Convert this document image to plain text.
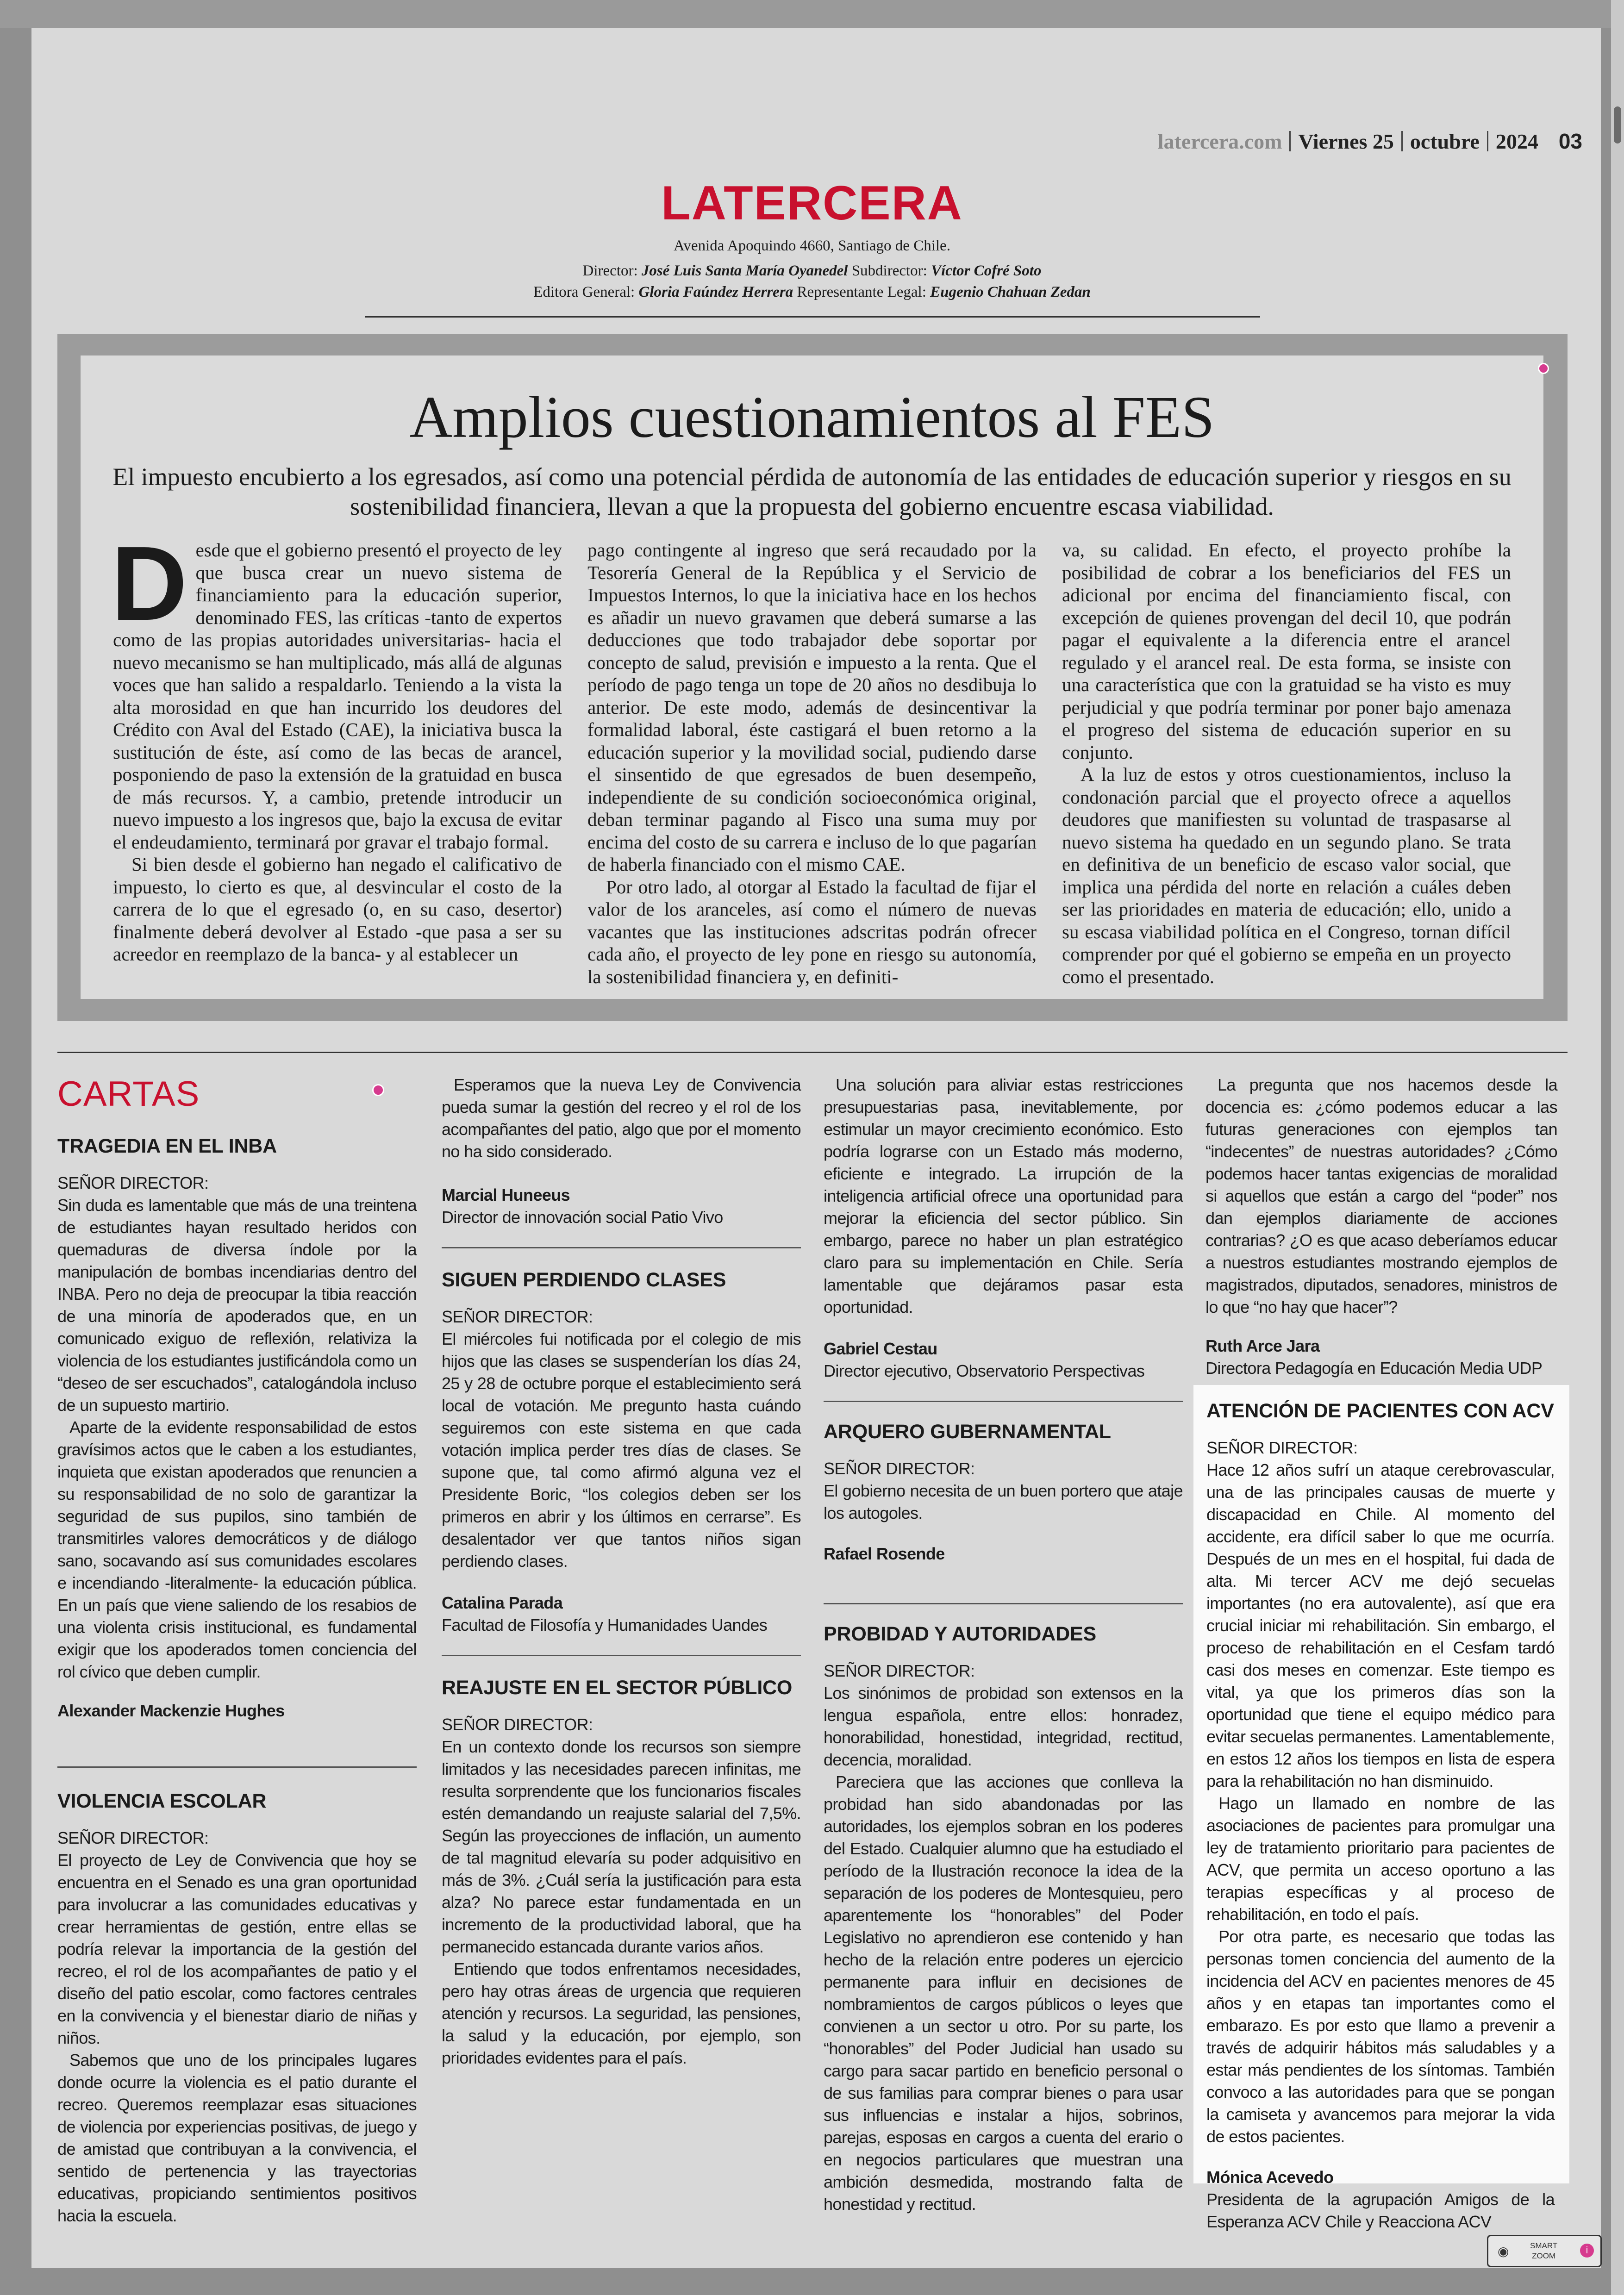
latercera.com Viernes 25 octubre 2024 03
LATERCERA
Avenida Apoquindo 4660, Santiago de Chile.
Director: José Luis Santa María Oyanedel Subdirector: Víctor Cofré Soto
Editora General: Gloria Faúndez Herrera Representante Legal: Eugenio Chahuan Zedan
Amplios cuestionamientos al FES
El impuesto encubierto a los egresados, así como una potencial pérdida de autonomía de las entidades de educación superior y riesgos en su sostenibilidad financiera, llevan a que la propuesta del gobierno encuentre escasa viabilidad.

Desde que el gobierno presentó el proyecto de ley que busca crear un nuevo sistema de financiamiento para la educación superior, denominado FES, las críticas -tanto de expertos como de las propias autoridades universitarias- hacia el nuevo mecanismo se han multiplicado, más allá de algunas voces que han salido a respaldarlo. Teniendo a la vista la alta morosidad en que han incurrido los deudores del Crédito con Aval del Estado (CAE), la iniciativa busca la sustitución de éste, así como de las becas de arancel, posponiendo de paso la extensión de la gratuidad en busca de más recursos. Y, a cambio, pretende introducir un nuevo impuesto a los ingresos que, bajo la excusa de evitar el endeudamiento, terminará por gravar el trabajo formal.

Si bien desde el gobierno han negado el calificativo de impuesto, lo cierto es que, al desvincular el costo de la carrera de lo que el egresado (o, en su caso, desertor) finalmente deberá devolver al Estado -que pasa a ser su acreedor en reemplazo de la banca- y al establecer un

pago contingente al ingreso que será recaudado por la Tesorería General de la República y el Servicio de Impuestos Internos, lo que la iniciativa hace en los hechos es añadir un nuevo gravamen que deberá sumarse a las deducciones que todo trabajador debe soportar por concepto de salud, previsión e impuesto a la renta. Que el período de pago tenga un tope de 20 años no desdibuja lo anterior. De este modo, además de desincentivar la formalidad laboral, éste castigará el buen retorno a la educación superior y la movilidad social, pudiendo darse el sinsentido de que egresados de buen desempeño, independiente de su condición socioeconómica original, deban terminar pagando al Fisco una suma muy por encima del costo de su carrera e incluso de lo que pagarían de haberla financiado con el mismo CAE.

Por otro lado, al otorgar al Estado la facultad de fijar el valor de los aranceles, así como el número de nuevas vacantes que las instituciones adscritas podrán ofrecer cada año, el proyecto de ley pone en riesgo su autonomía, la sostenibilidad financiera y, en definiti-

va, su calidad. En efecto, el proyecto prohíbe la posibilidad de cobrar a los beneficiarios del FES un adicional por encima del financiamiento fiscal, con excepción de quienes provengan del decil 10, que podrán pagar el equivalente a la diferencia entre el arancel regulado y el arancel real. De esta forma, se insiste con una característica que con la gratuidad se ha visto es muy perjudicial y que podría terminar por poner bajo amenaza el progreso del sistema de educación superior en su conjunto.

A la luz de estos y otros cuestionamientos, incluso la condonación parcial que el proyecto ofrece a aquellos deudores que manifiesten su voluntad de traspasarse al nuevo sistema ha quedado en un segundo plano. Se trata en definitiva de un beneficio de escaso valor social, que implica una pérdida del norte en relación a cuáles deben ser las prioridades en materia de educación; ello, unido a su escasa viabilidad política en el Congreso, tornan difícil comprender por qué el gobierno se empeña en un proyecto como el presentado.

CARTAS
TRAGEDIA EN EL INBA

SEÑOR DIRECTOR:

Sin duda es lamentable que más de una treintena de estudiantes hayan resultado heridos con quemaduras de diversa índole por la manipulación de bombas incendiarias dentro del INBA. Pero no deja de preocupar la tibia reacción de una minoría de apoderados que, en un comunicado exiguo de reflexión, relativiza la violencia de los estudiantes justificándola como un “deseo de ser escuchados”, catalogándola incluso de un supuesto martirio.

Aparte de la evidente responsabilidad de estos gravísimos actos que le caben a los estudiantes, inquieta que existan apoderados que renuncien a su responsabilidad de no solo de garantizar la seguridad de sus pupilos, sino también de transmitirles valores democráticos y de diálogo sano, socavando así sus comunidades escolares e incendiando -literalmente- la educación pública. En un país que viene saliendo de los resabios de una violenta crisis institucional, es fundamental exigir que los apoderados tomen conciencia del rol cívico que deben cumplir.

Alexander Mackenzie Hughes

VIOLENCIA ESCOLAR

SEÑOR DIRECTOR:

El proyecto de Ley de Convivencia que hoy se encuentra en el Senado es una gran oportunidad para involucrar a las comunidades educativas y crear herramientas de gestión, entre ellas se podría relevar la importancia de la gestión del recreo, el rol de los acompañantes de patio y el diseño del patio escolar, como factores centrales en la convivencia y el bienestar diario de niñas y niños.

Sabemos que uno de los principales lugares donde ocurre la violencia es el patio durante el recreo. Queremos reemplazar esas situaciones de violencia por experiencias positivas, de juego y de amistad que contribuyan a la convivencia, el sentido de pertenencia y las trayectorias educativas, propiciando sentimientos positivos hacia la escuela.

Esperamos que la nueva Ley de Convivencia pueda sumar la gestión del recreo y el rol de los acompañantes del patio, algo que por el momento no ha sido considerado.

Marcial Huneeus

Director de innovación social Patio Vivo

SIGUEN PERDIENDO CLASES

SEÑOR DIRECTOR:

El miércoles fui notificada por el colegio de mis hijos que las clases se suspenderían los días 24, 25 y 28 de octubre porque el establecimiento será local de votación. Me pregunto hasta cuándo seguiremos con este sistema en que cada votación implica perder tres días de clases. Se supone que, tal como afirmó alguna vez el Presidente Boric, “los colegios deben ser los primeros en abrir y los últimos en cerrarse”. Es desalentador ver que tantos niños sigan perdiendo clases.

Catalina Parada

Facultad de Filosofía y Humanidades Uandes

REAJUSTE EN EL SECTOR PÚBLICO

SEÑOR DIRECTOR:

En un contexto donde los recursos son siempre limitados y las necesidades parecen infinitas, me resulta sorprendente que los funcionarios fiscales estén demandando un reajuste salarial del 7,5%. Según las proyecciones de inflación, un aumento de tal magnitud elevaría su poder adquisitivo en más de 3%. ¿Cuál sería la justificación para esta alza? No parece estar fundamentada en un incremento de la productividad laboral, que ha permanecido estancada durante varios años.

Entiendo que todos enfrentamos necesidades, pero hay otras áreas de urgencia que requieren atención y recursos. La seguridad, las pensiones, la salud y la educación, por ejemplo, son prioridades evidentes para el país.

Una solución para aliviar estas restricciones presupuestarias pasa, inevitablemente, por estimular un mayor crecimiento económico. Esto podría lograrse con un Estado más moderno, eficiente e integrado. La irrupción de la inteligencia artificial ofrece una oportunidad para mejorar la eficiencia del sector público. Sin embargo, parece no haber un plan estratégico claro para su implementación en Chile. Sería lamentable que dejáramos pasar esta oportunidad.

Gabriel Cestau

Director ejecutivo, Observatorio Perspectivas

ARQUERO GUBERNAMENTAL

SEÑOR DIRECTOR:

El gobierno necesita de un buen portero que ataje los autogoles.

Rafael Rosende

PROBIDAD Y AUTORIDADES

SEÑOR DIRECTOR:

Los sinónimos de probidad son extensos en la lengua española, entre ellos: honradez, honorabilidad, honestidad, integridad, rectitud, decencia, moralidad.

Pareciera que las acciones que conlleva la probidad han sido abandonadas por las autoridades, los ejemplos sobran en los poderes del Estado. Cualquier alumno que ha estudiado el período de la Ilustración reconoce la idea de la separación de los poderes de Montesquieu, pero aparentemente los “honorables” del Poder Legislativo no aprendieron ese contenido y han hecho de la relación entre poderes un ejercicio permanente para influir en decisiones de nombramientos de cargos públicos o leyes que convienen a un sector u otro. Por su parte, los “honorables” del Poder Judicial han usado su cargo para sacar partido en beneficio personal o de sus familias para comprar bienes o para usar sus influencias e instalar a hijos, sobrinos, parejas, esposas en cargos a cuenta del erario o en negocios particulares que muestran una ambición desmedida, mostrando falta de honestidad y rectitud.

La pregunta que nos hacemos desde la docencia es: ¿cómo podemos educar a las futuras generaciones con ejemplos tan “indecentes” de nuestras autoridades? ¿Cómo podemos hacer tantas exigencias de moralidad si aquellos que están a cargo del “poder” nos dan ejemplos diariamente de acciones contrarias? ¿O es que acaso deberíamos educar a nuestros estudiantes mostrando ejemplos de magistrados, diputados, senadores, ministros de lo que “no hay que hacer”?

Ruth Arce Jara

Directora Pedagogía en Educación Media UDP

ATENCIÓN DE PACIENTES CON ACV

SEÑOR DIRECTOR:

Hace 12 años sufrí un ataque cerebrovascular, una de las principales causas de muerte y discapacidad en Chile. Al momento del accidente, era difícil saber lo que me ocurría. Después de un mes en el hospital, fui dada de alta. Mi tercer ACV me dejó secuelas importantes (no era autovalente), así que era crucial iniciar mi rehabilitación. Sin embargo, el proceso de rehabilitación en el Cesfam tardó casi dos meses en comenzar. Este tiempo es vital, ya que los primeros días son la oportunidad que tiene el equipo médico para evitar secuelas permanentes. Lamentablemente, en estos 12 años los tiempos en lista de espera para la rehabilitación no han disminuido.

Hago un llamado en nombre de las asociaciones de pacientes para promulgar una ley de tratamiento prioritario para pacientes de ACV, que permita un acceso oportuno a las terapias específicas y al proceso de rehabilitación, en todo el país.

Por otra parte, es necesario que todas las personas tomen conciencia del aumento de la incidencia del ACV en pacientes menores de 45 años y en etapas tan importantes como el embarazo. Es por esto que llamo a prevenir a través de adquirir hábitos más saludables y a estar más pendientes de los síntomas. También convoco a las autoridades para que se pongan la camiseta y avancemos para mejorar la vida de estos pacientes.

Mónica Acevedo

Presidenta de la agrupación Amigos de la Esperanza ACV Chile y Reacciona ACV

◉	SMART
ZOOM
i
